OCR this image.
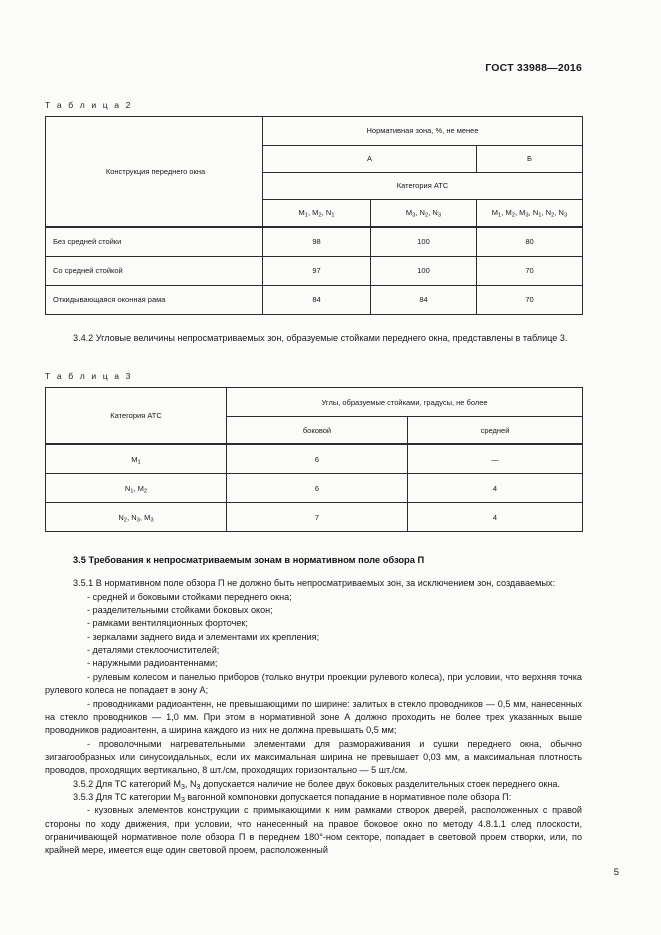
ГОСТ 33988—2016
Т а б л и ц а 2
Конструкция переднего окна	Нормативная зона, %, не менее		
	А		Б
	Категория АТС		
	$M_1$, $M_2$, $N_1$	$M_3$, $N_2$, $N_3$	$M_1$, $M_2$, $M_3$, $N_1$, $N_2$, $N_3$
Без средней стойки	98	100	80
Со средней стойкой	97	100	70
Откидывающаяся оконная рама	84	84	70

3.4.2 Угловые величины непросматриваемых зон, образуемые стойками переднего окна, представлены в таблице 3.

Т а б л и ц а 3
Категория АТС	Углы, образуемые стойками, градусы, не более	
	боковой	средней
$M_1$	6	—
$N_1$, $M_2$	6	4
$N_2$, $N_3$, $M_3$	7	4

3.5 Требования к непросматриваемым зонам в нормативном поле обзора П

3.5.1 В нормативном поле обзора П не должно быть непросматриваемых зон, за исключением зон, создаваемых:

- средней и боковыми стойками переднего окна;

- разделительными стойками боковых окон;

- рамками вентиляционных форточек;

- зеркалами заднего вида и элементами их крепления;

- деталями стеклоочистителей;

- наружными радиоантеннами;

- рулевым колесом и панелью приборов (только внутри проекции рулевого колеса), при условии, что верхняя точка рулевого колеса не попадает в зону А;

- проводниками радиоантенн, не превышающими по ширине: залитых в стекло проводников — 0,5 мм, нанесенных на стекло проводников — 1,0 мм. При этом в нормативной зоне А должно проходить не более трех указанных выше проводников радиоантенн, а ширина каждого из них не должна превышать 0,5 мм;

- проволочными нагревательными элементами для размораживания и сушки переднего окна, обычно зигзагообразных или синусоидальных, если их максимальная ширина не превышает 0,03 мм, а максимальная плотность проводов, проходящих вертикально, 8 шт./см, проходящих горизонтально — 5 шт./см.

3.5.2 Для ТС категорий $M_3$, $N_3$ допускается наличие не более двух боковых разделительных стоек переднего окна.

3.5.3 Для ТС категории $M_3$ вагонной компоновки допускается попадание в нормативное поле обзора П:

- кузовных элементов конструкции с примыкающими к ним рамками створок дверей, расположенных с правой стороны по ходу движения, при условии, что нанесенный на правое боковое окно по методу 4.8.1.1 след плоскости, ограничивающей нормативное поле обзора П в переднем 180°-ном секторе, попадает в световой проем створки, или, по крайней мере, имеется еще один световой проем, расположенный

5
